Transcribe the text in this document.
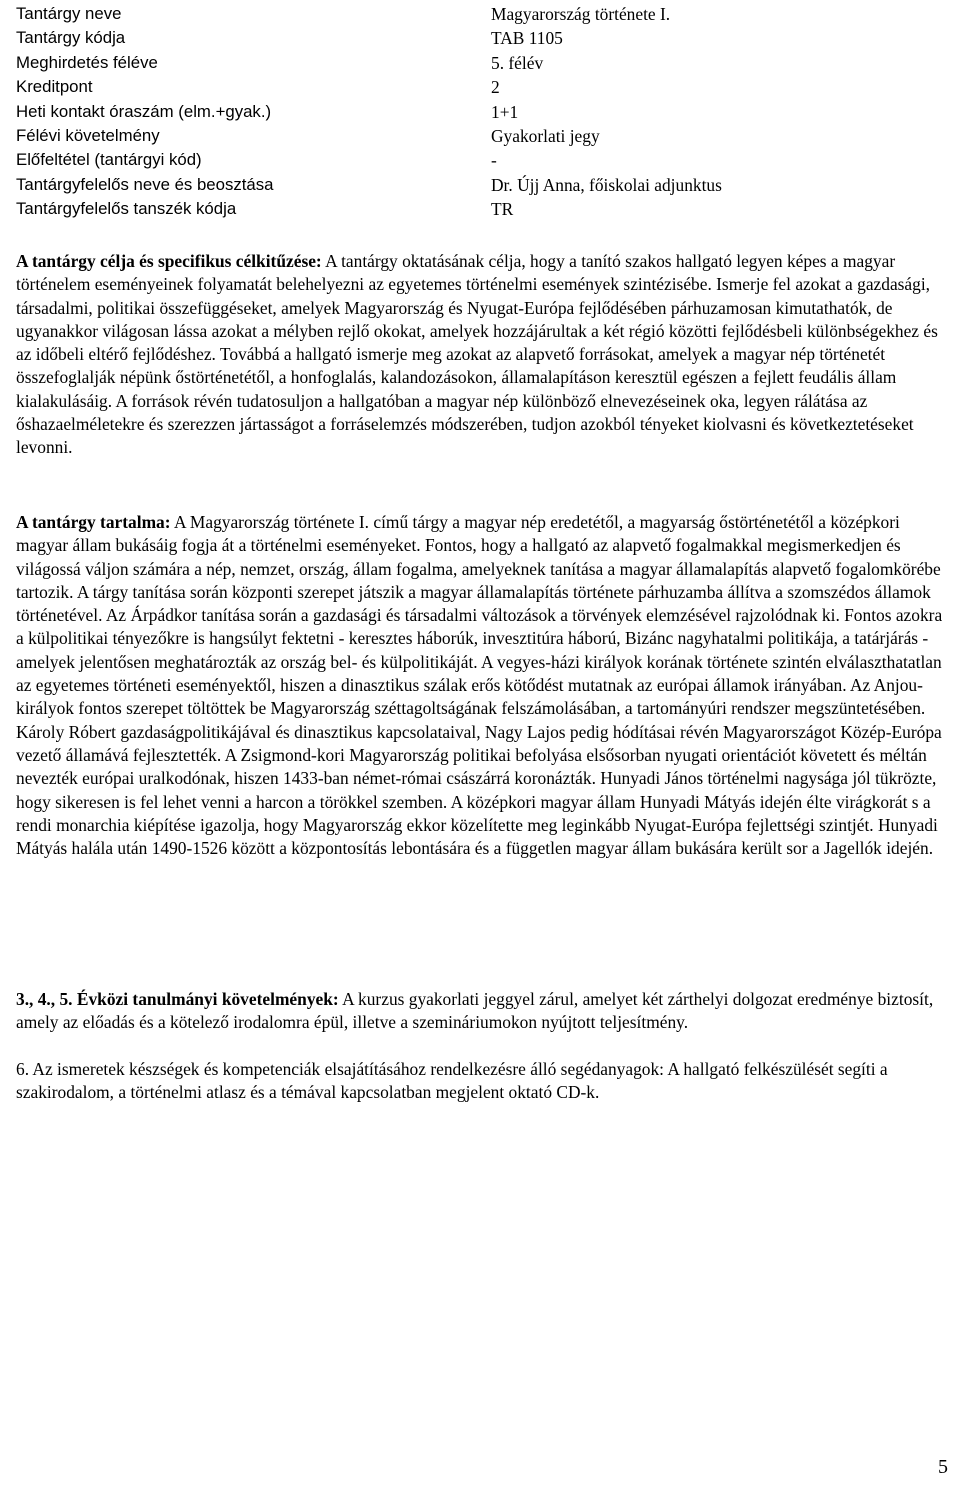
Tantárgy neve	Magyarország története I.
Tantárgy kódja	TAB 1105
Meghirdetés féléve	5. félév
Kreditpont	2
Heti kontakt óraszám (elm.+gyak.)	1+1
Félévi követelmény	Gyakorlati jegy
Előfeltétel (tantárgyi kód)	-
Tantárgyfelelős neve és beosztása	Dr. Újj Anna, főiskolai adjunktus
Tantárgyfelelős tanszék kódja	TR

A tantárgy célja és specifikus célkitűzése: A tantárgy oktatásának célja, hogy a tanító szakos hallgató legyen képes a magyar történelem eseményeinek folyamatát belehelyezni az egyetemes történelmi események szintézisébe. Ismerje fel azokat a gazdasági, társadalmi, politikai összefüggéseket, amelyek Magyarország és Nyugat-Európa fejlődésében párhuzamosan kimutathatók, de ugyanakkor világosan lássa azokat a mélyben rejlő okokat, amelyek hozzájárultak a két régió közötti fejlődésbeli különbségekhez és az időbeli eltérő fejlődéshez. Továbbá a hallgató ismerje meg azokat az alapvető forrásokat, amelyek a magyar nép történetét összefoglalják népünk őstörténetétől, a honfoglalás, kalandozásokon, államalapításon keresztül egészen a fejlett feudális állam kialakulásáig. A források révén tudatosuljon a hallgatóban a magyar nép különböző elnevezéseinek oka, legyen rálátása az őshazaelméletekre és szerezzen jártasságot a forráselemzés módszerében, tudjon azokból tényeket kiolvasni és következtetéseket levonni.

A tantárgy tartalma: A Magyarország története I. című tárgy a magyar nép eredetétől, a magyarság őstörténetétől a középkori magyar állam bukásáig fogja át a történelmi eseményeket. Fontos, hogy a hallgató az alapvető fogalmakkal megismerkedjen és világossá váljon számára a nép, nemzet, ország, állam fogalma, amelyeknek tanítása a magyar államalapítás alapvető fogalomkörébe tartozik. A tárgy tanítása során központi szerepet játszik a magyar államalapítás története párhuzamba állítva a szomszédos államok történetével. Az Árpádkor tanítása során a gazdasági és társadalmi változások a törvények elemzésével rajzolódnak ki. Fontos azokra a külpolitikai tényezőkre is hangsúlyt fektetni - keresztes háborúk, invesztitúra háború, Bizánc nagyhatalmi politikája, a tatárjárás - amelyek jelentősen meghatározták az ország bel- és külpolitikáját. A vegyes-házi királyok korának története szintén elválaszthatatlan az egyetemes történeti eseményektől, hiszen a dinasztikus szálak erős kötődést mutatnak az európai államok irányában. Az Anjou-királyok fontos szerepet töltöttek be Magyarország széttagoltságának felszámolásában, a tartományúri rendszer megszüntetésében. Károly Róbert gazdaságpolitikájával és dinasztikus kapcsolataival, Nagy Lajos pedig hódításai révén Magyarországot Közép-Európa vezető államává fejlesztették. A Zsigmond-kori Magyarország politikai befolyása elsősorban nyugati orientációt követett és méltán nevezték európai uralkodónak, hiszen 1433-ban német-római császárrá koronázták. Hunyadi János történelmi nagysága jól tükrözte, hogy sikeresen is fel lehet venni a harcon a törökkel szemben. A középkori magyar állam Hunyadi Mátyás idején élte virágkorát s a rendi monarchia kiépítése igazolja, hogy Magyarország ekkor közelítette meg leginkább Nyugat-Európa fejlettségi szintjét. Hunyadi Mátyás halála után 1490-1526 között a központosítás lebontására és a független magyar állam bukására került sor a Jagellók idején.

3., 4., 5. Évközi tanulmányi követelmények: A kurzus gyakorlati jeggyel zárul, amelyet két zárthelyi dolgozat eredménye biztosít, amely az előadás és a kötelező irodalomra épül, illetve a szemináriumokon nyújtott teljesítmény.

6. Az ismeretek készségek és kompetenciák elsajátításához rendelkezésre álló segédanyagok: A hallgató felkészülését segíti a szakirodalom, a történelmi atlasz és a témával kapcsolatban megjelent oktató CD-k.

5
